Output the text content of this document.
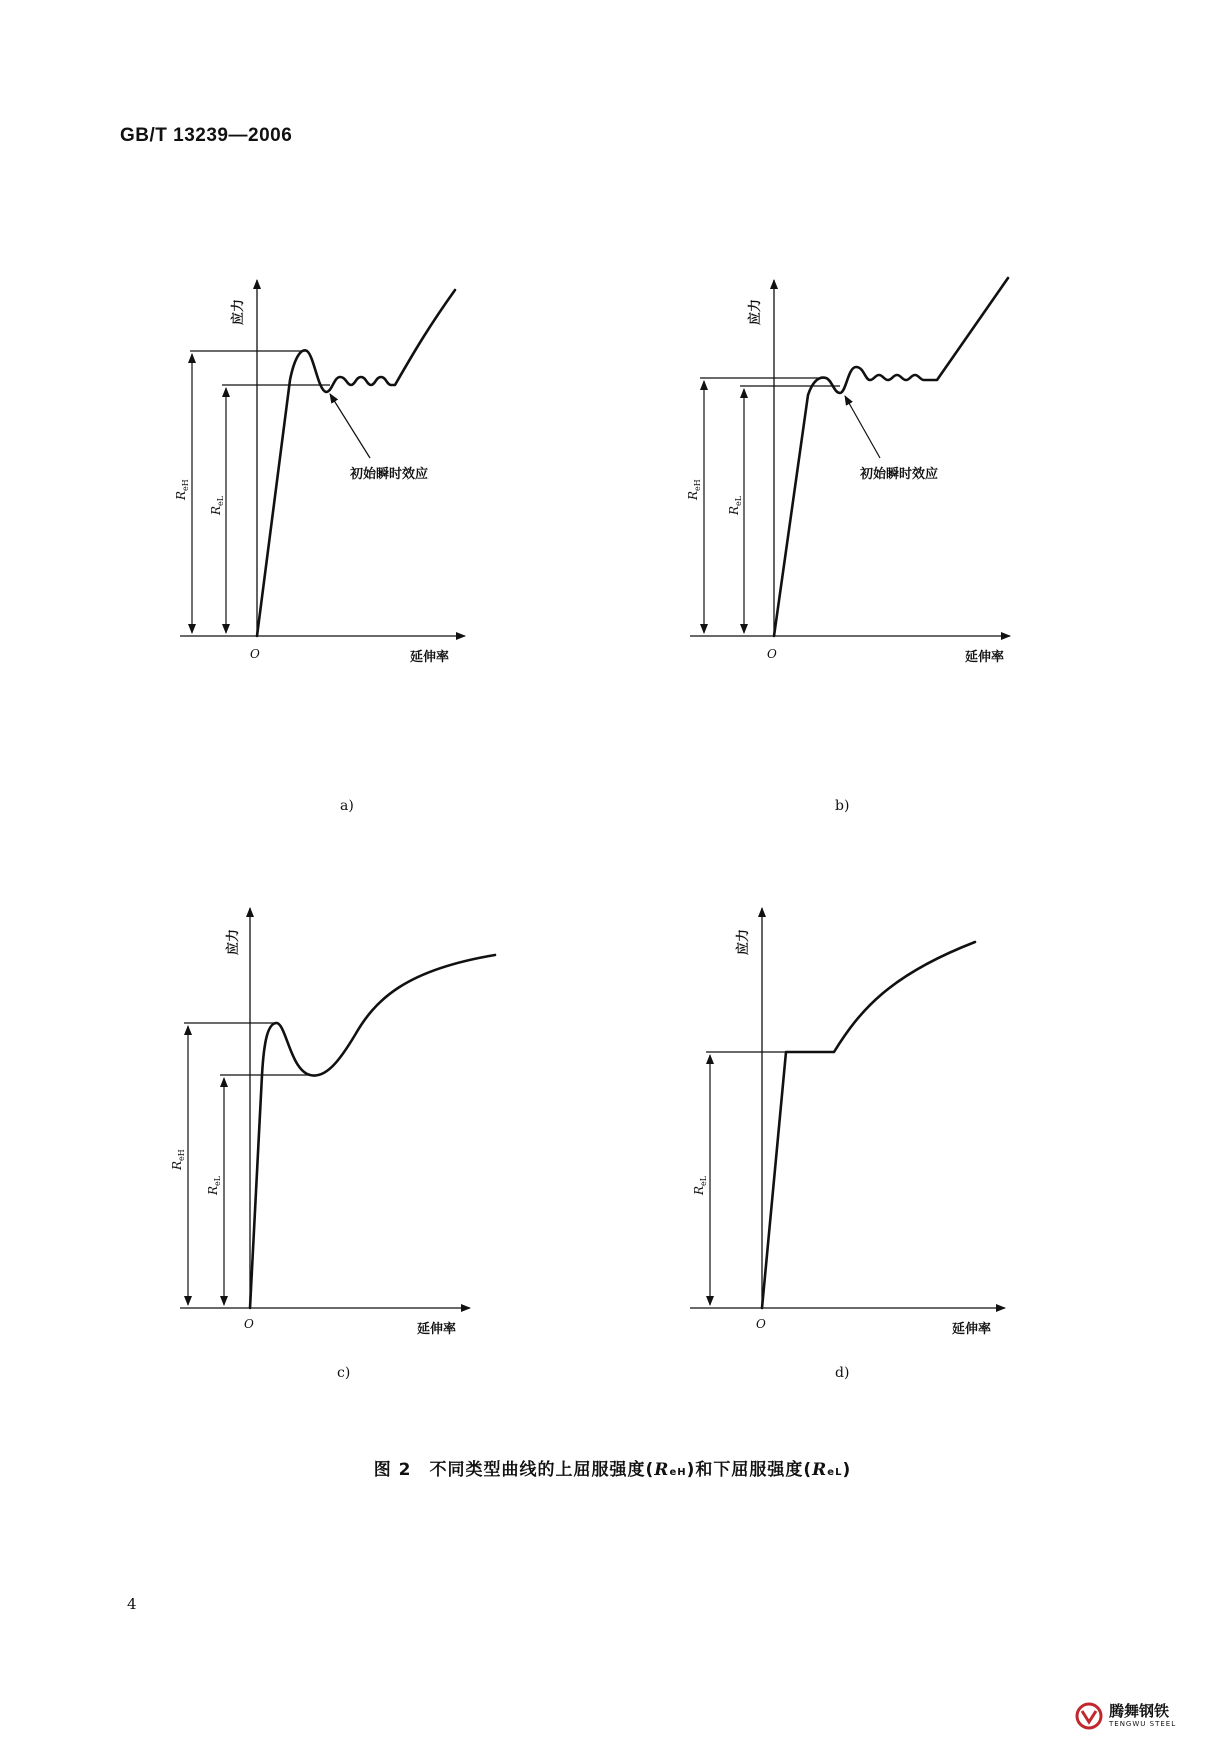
GB/T 13239—2006
初始瞬时效应
应力
延伸率
O
$R_{eH}$
$R_{eL}$
a)
初始瞬时效应
应力
延伸率
O
$R_{eH}$
$R_{eL}$
b)
应力
延伸率
O
$R_{eH}$
$R_{eL}$
c)
应力
延伸率
O
$R_{eL}$
d)
图 2　不同类型曲线的上屈服强度(ReH)和下屈服强度(ReL)
4
腾舞钢铁
TENGWU STEEL
